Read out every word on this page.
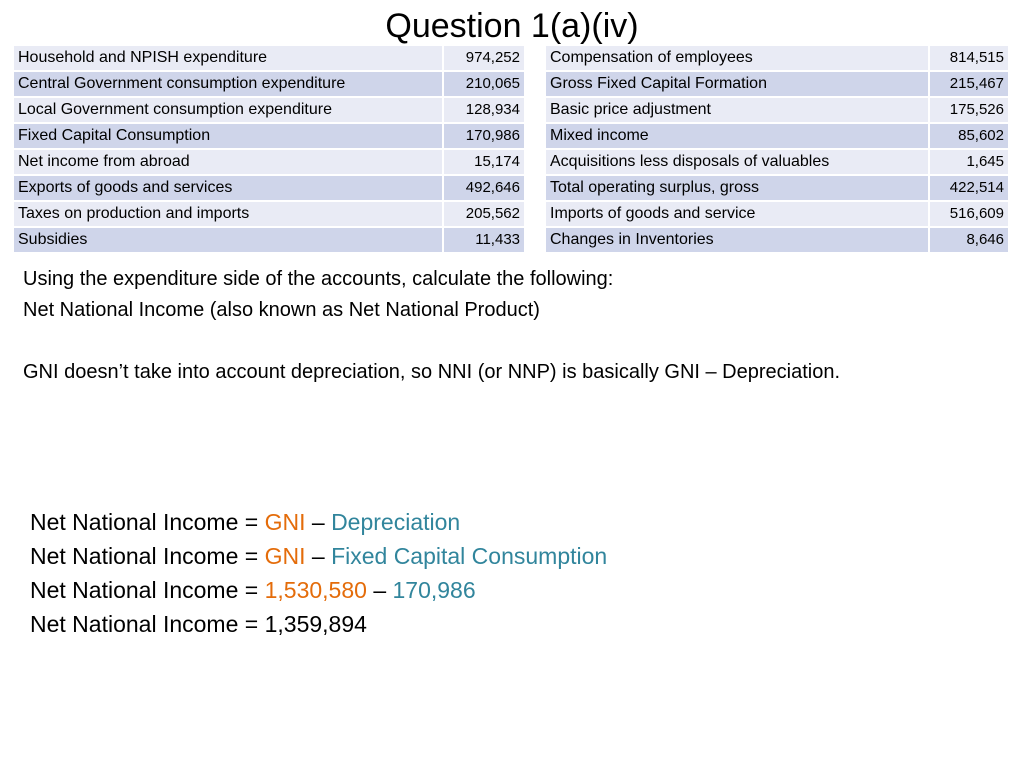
Question 1(a)(iv)
Household and NPISH expenditure	974,252		Compensation of employees	814,515
Central Government consumption expenditure	210,065		Gross Fixed Capital Formation	215,467
Local Government consumption expenditure	128,934		Basic price adjustment	175,526
Fixed Capital Consumption	170,986		Mixed income	85,602
Net income from abroad	15,174		Acquisitions less disposals of valuables	1,645
Exports of goods and services	492,646		Total operating surplus, gross	422,514
Taxes on production and imports	205,562		Imports of goods and service	516,609
Subsidies	11,433		Changes in Inventories	8,646

Using the expenditure side of the accounts, calculate the following:

Net National Income (also known as Net National Product)

GNI doesn’t take into account depreciation, so NNI (or NNP) is basically GNI – Depreciation.

Net National Income = GNI – Depreciation
Net National Income = GNI – Fixed Capital Consumption
Net National Income = 1,530,580 – 170,986
Net National Income = 1,359,894
